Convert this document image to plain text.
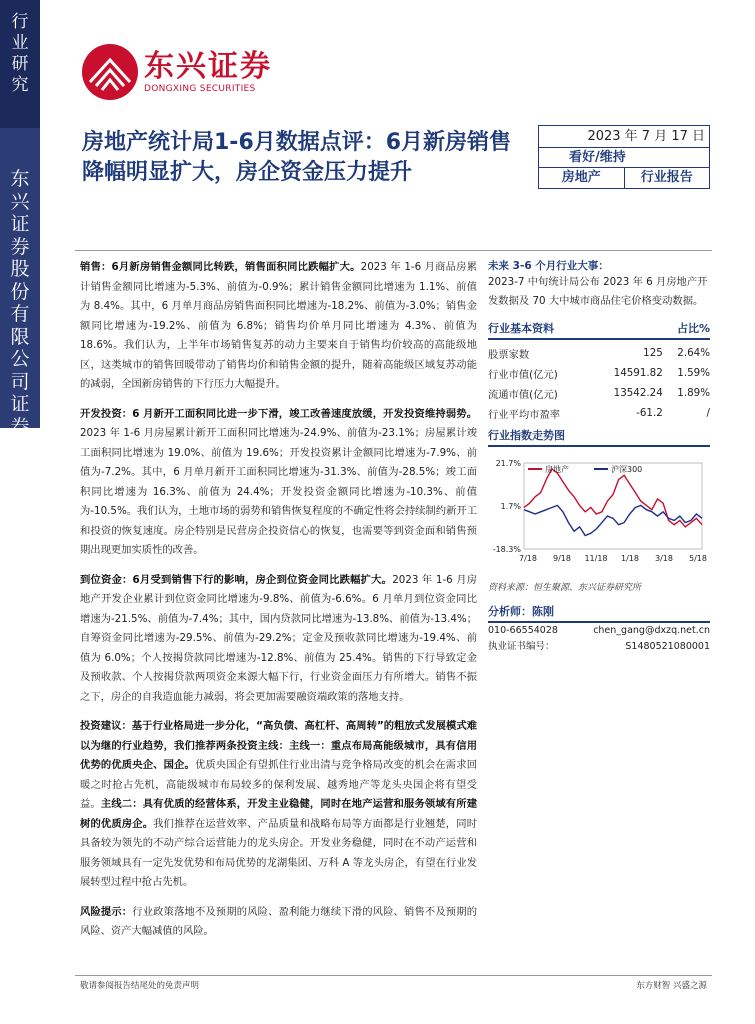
行业研究
东兴证券股份有限公司证券研究报告
东兴证券
DONGXING SECURITIES
房地产统计局1-6月数据点评：6月新房销售降幅明显扩大，房企资金压力提升
2023 年 7 月 17 日
看好/维持
房地产	行业报告

销售：6月新房销售金额同比转跌，销售面积同比跌幅扩大。2023 年 1-6 月商品房累计销售金额同比增速为-5.3%、前值为-0.9%；累计销售金额同比增速为 1.1%、前值为 8.4%。其中，6 月单月商品房销售面积同比增速为-18.2%、前值为-3.0%；销售金额同比增速为-19.2%、前值为 6.8%；销售均价单月同比增速为 4.3%、前值为 18.6%。我们认为，上半年市场销售复苏的动力主要来自于销售均价较高的高能级地区，这类城市的销售回暖带动了销售均价和销售金额的提升，随着高能级区域复苏动能的减弱，全国新房销售的下行压力大幅提升。

开发投资：6 月新开工面积同比进一步下滑，竣工改善速度放缓，开发投资维持弱势。2023 年 1-6 月房屋累计新开工面积同比增速为-24.9%、前值为-23.1%；房屋累计竣工面积同比增速为 19.0%、前值为 19.6%；开发投资累计金额同比增速为-7.9%、前值为-7.2%。其中，6 月单月新开工面积同比增速为-31.3%、前值为-28.5%；竣工面积同比增速为 16.3%、前值为 24.4%；开发投资金额同比增速为-10.3%、前值为-10.5%。我们认为，土地市场的弱势和销售恢复程度的不确定性将会持续制约新开工和投资的恢复速度。房企特别是民营房企投资信心的恢复，也需要等到资金面和销售预期出现更加实质性的改善。

到位资金：6月受到销售下行的影响，房企到位资金同比跌幅扩大。2023 年 1-6 月房地产开发企业累计到位资金同比增速为-9.8%、前值为-6.6%。6 月单月到位资金同比增速为-21.5%、前值为-7.4%；其中，国内贷款同比增速为-13.8%、前值为-13.4%；自筹资金同比增速为-29.5%、前值为-29.2%；定金及预收款同比增速为-19.4%、前值为 6.0%；个人按揭贷款同比增速为-12.8%、前值为 25.4%。销售的下行导致定金及预收款、个人按揭贷款两项资金来源大幅下行，行业资金面压力有所增大。销售不振之下，房企的自我造血能力减弱，将会更加需要融资端政策的落地支持。

投资建议：基于行业格局进一步分化，“高负债、高杠杆、高周转”的粗放式发展模式难以为继的行业趋势，我们推荐两条投资主线：主线一：重点布局高能级城市，具有信用优势的优质央企、国企。优质央国企有望抓住行业出清与竞争格局改变的机会在需求回暖之时抢占先机，高能级城市布局较多的保利发展、越秀地产等龙头央国企将有望受益。主线二：具有优质的经营体系，开发主业稳健，同时在地产运营和服务领域有所建树的优质房企。我们推荐在运营效率、产品质量和战略布局等方面都是行业翘楚，同时具备较为领先的不动产综合运营能力的龙头房企。开发业务稳健，同时在不动产运营和服务领域具有一定先发优势和布局优势的龙湖集团、万科 A 等龙头房企，有望在行业发展转型过程中抢占先机。

风险提示：行业政策落地不及预期的风险、盈利能力继续下滑的风险、销售不及预期的风险、资产大幅减值的风险。

未来 3-6 个月行业大事：
2023-7 中旬统计局公布 2023 年 6 月房地产开发数据及 70 大中城市商品住宅价格变动数据。
行业基本资料	占比%
股票家数	125	2.64%
行业市值(亿元)	14591.82	1.59%
流通市值(亿元)	13542.24	1.89%
行业平均市盈率	-61.2	/
行业指数走势图
21.7%
1.7%
-18.3%
7/18 9/18 11/18 1/18 3/18 5/18
房地产	沪深300
资料来源：恒生聚源、东兴证券研究所
分析师：陈刚
010-66554028	chen_gang@dxzq.net.cn
执业证书编号：	S1480521080001
敬请参阅报告结尾处的免责声明	东方财智 兴盛之源
